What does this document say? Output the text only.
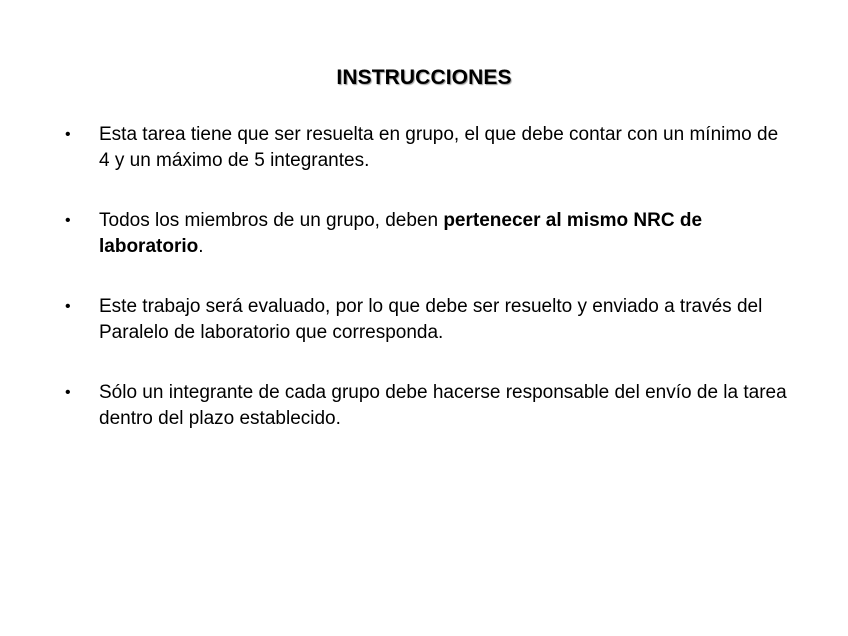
INSTRUCCIONES
• Esta tarea tiene que ser resuelta en grupo, el que debe contar con un mínimo de 4 y un máximo de 5 integrantes.
• Todos los miembros de un grupo, deben pertenecer al mismo NRC de laboratorio.
• Este trabajo será evaluado, por lo que debe ser resuelto y enviado a través del Paralelo de laboratorio que corresponda.
• Sólo un integrante de cada grupo debe hacerse responsable del envío de la tarea dentro del plazo establecido.
